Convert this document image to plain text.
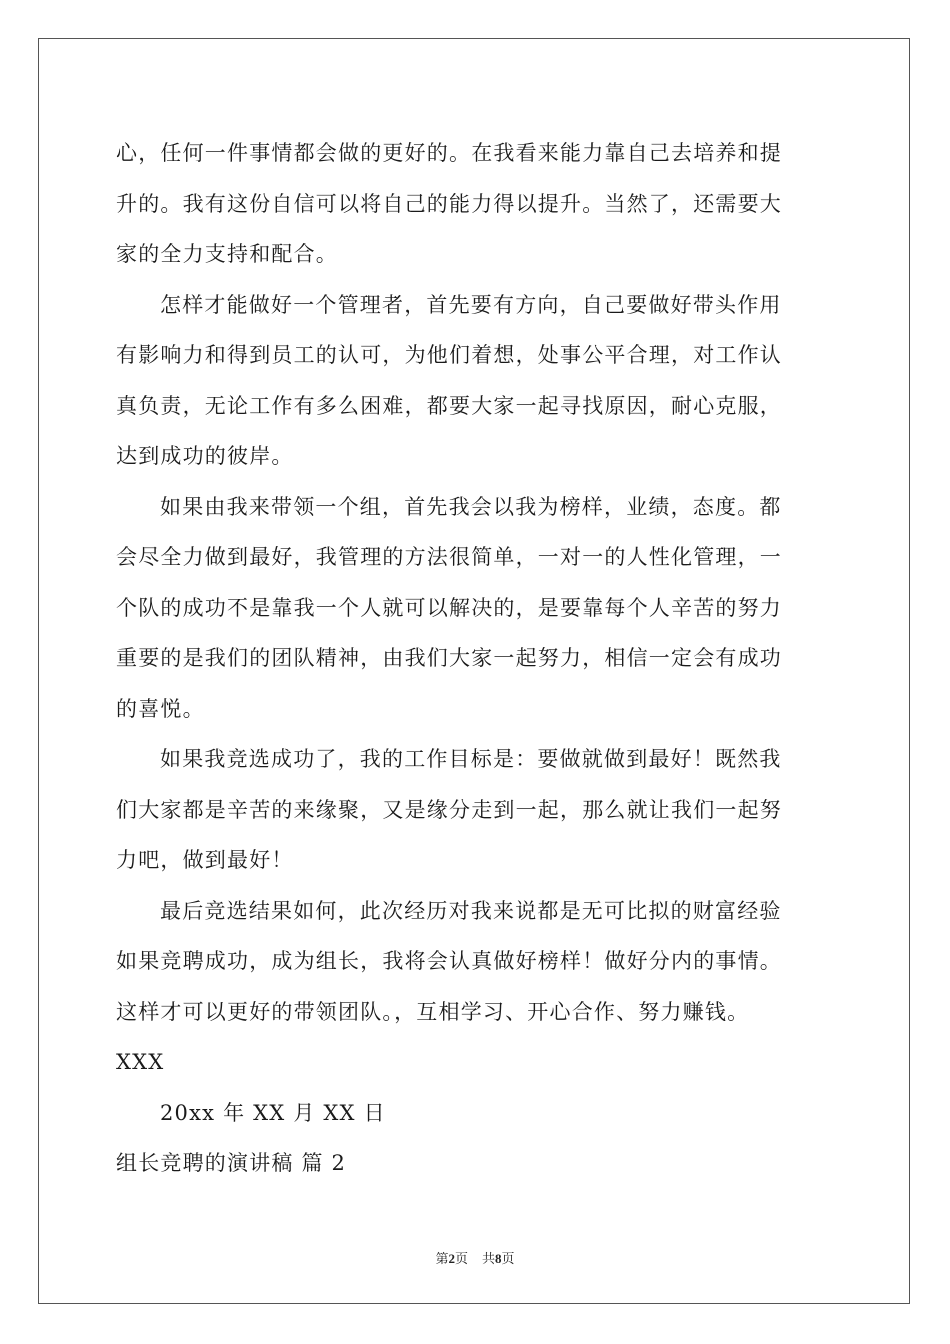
心，任何一件事情都会做的更好的。在我看来能力靠自己去培养和提
升的。我有这份自信可以将自己的能力得以提升。当然了，还需要大
家的全力支持和配合。
怎样才能做好一个管理者，首先要有方向，自己要做好带头作用
有影响力和得到员工的认可，为他们着想，处事公平合理，对工作认
真负责，无论工作有多么困难，都要大家一起寻找原因，耐心克服，
达到成功的彼岸。
如果由我来带领一个组，首先我会以我为榜样，业绩，态度。都
会尽全力做到最好，我管理的方法很简单，一对一的人性化管理，一
个队的成功不是靠我一个人就可以解决的，是要靠每个人辛苦的努力
重要的是我们的团队精神，由我们大家一起努力，相信一定会有成功
的喜悦。
如果我竞选成功了，我的工作目标是：要做就做到最好！既然我
们大家都是辛苦的来缘聚，又是缘分走到一起，那么就让我们一起努
力吧，做到最好！
最后竞选结果如何，此次经历对我来说都是无可比拟的财富经验
如果竞聘成功，成为组长，我将会认真做好榜样！做好分内的事情。
这样才可以更好的带领团队。，互相学习、开心合作、努力赚钱。
XXX
20xx 年 XX 月 XX 日
组长竞聘的演讲稿 篇 2
第2页 共8页
